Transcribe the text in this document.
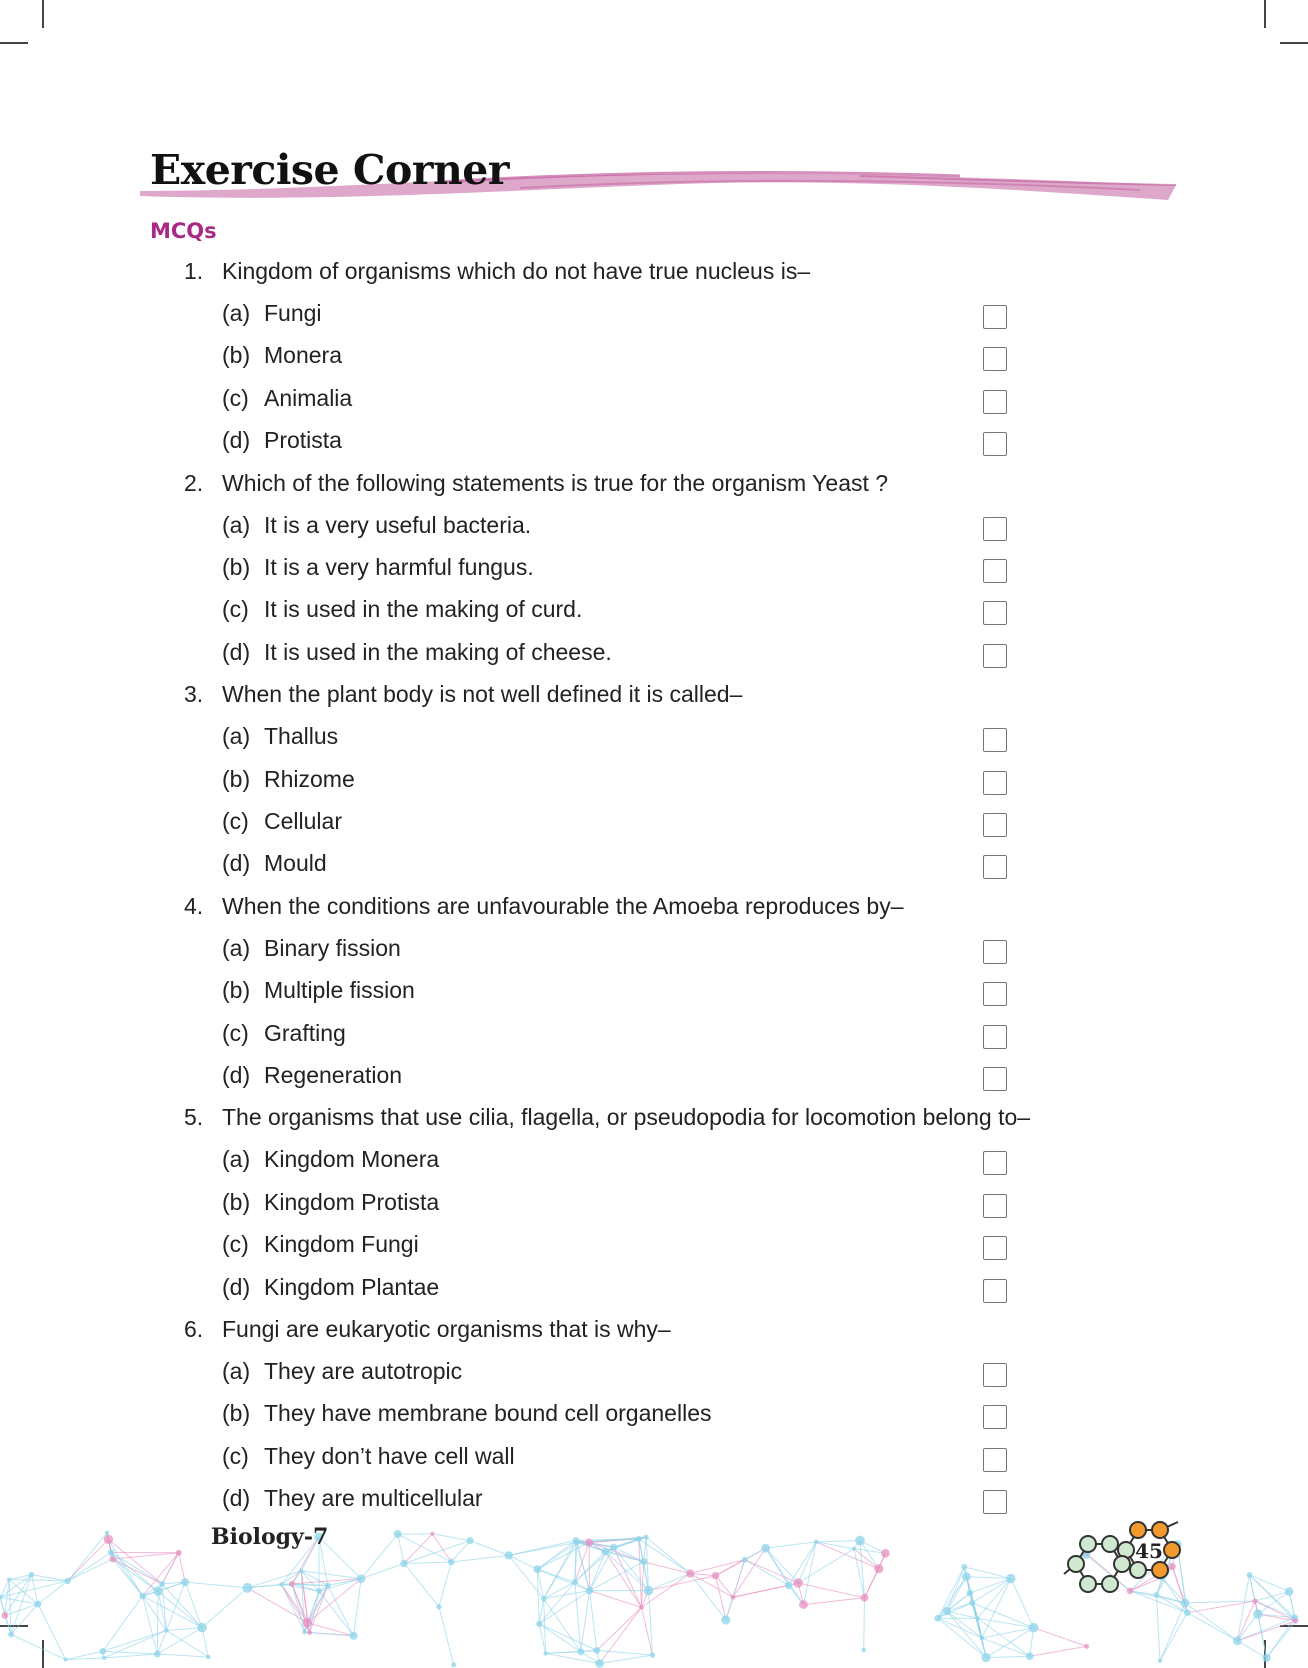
Exercise Corner
MCQs
1. Kingdom of organisms which do not have true nucleus is–
(a) Fungi
(b) Monera
(c) Animalia
(d) Protista
2. Which of the following statements is true for the organism Yeast ?
(a) It is a very useful bacteria.
(b) It is a very harmful fungus.
(c) It is used in the making of curd.
(d) It is used in the making of cheese.
3. When the plant body is not well defined it is called–
(a) Thallus
(b) Rhizome
(c) Cellular
(d) Mould
4. When the conditions are unfavourable the Amoeba reproduces by–
(a) Binary fission
(b) Multiple fission
(c) Grafting
(d) Regeneration
5. The organisms that use cilia, flagella, or pseudopodia for locomotion belong to–
(a) Kingdom Monera
(b) Kingdom Protista
(c) Kingdom Fungi
(d) Kingdom Plantae
6. Fungi are eukaryotic organisms that is why–
(a) They are autotropic
(b) They have membrane bound cell organelles
(c) They don’t have cell wall
(d) They are multicellular

Biology-7

45
